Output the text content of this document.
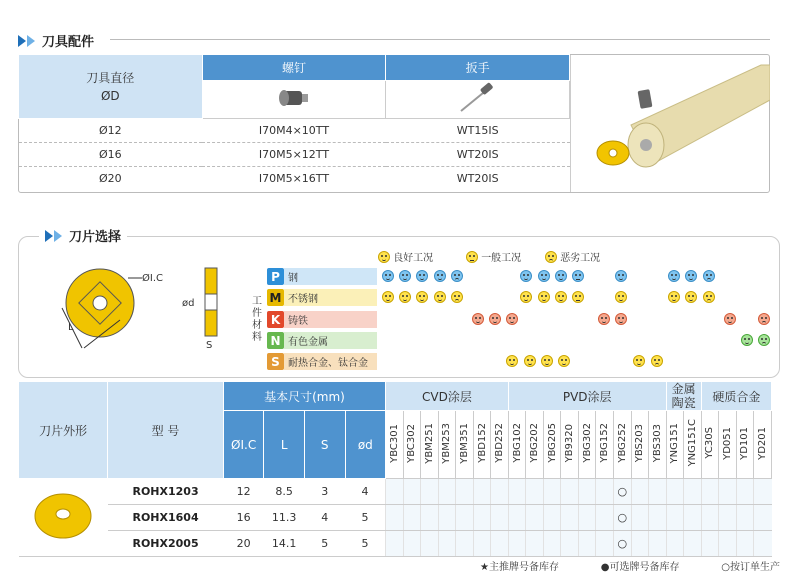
刀具配件
刀具直径
ØD	螺钉	扳手

Ø12	I70M4×10TT	WT15IS
Ø16	I70M5×12TT	WT20IS
Ø20	I70M5×16TT	WT20IS
刀片选择
L
ØI.C
ød
S

良好工况
	一般工况
	恶劣工况
工件材料
P 钢
M 不锈钢
K 铸铁
N 有色金属
S 耐热合金、钛合金
刀片外形	型 号	基本尺寸(mm)				CVD涂层							PVD涂层									金属陶瓷		硬质合金			
		ØI.C	L	S	ød	YBC301	YBC302	YBM251	YBM253	YBM351	YBD152	YBD252	YBG102	YBG202	YBG205	YB9320	YBG302	YBG152	YBG252	YBS203	YBS303	YNG151	YNG151C	YC30S	YD051	YD101	YD201
	ROHX1203	12	8.5	3	4														○								
	ROHX1604	16	11.3	4	5														○								
	ROHX2005	20	14.1	5	5														○								
★主推牌号备库存	●可选牌号备库存	○按订单生产
